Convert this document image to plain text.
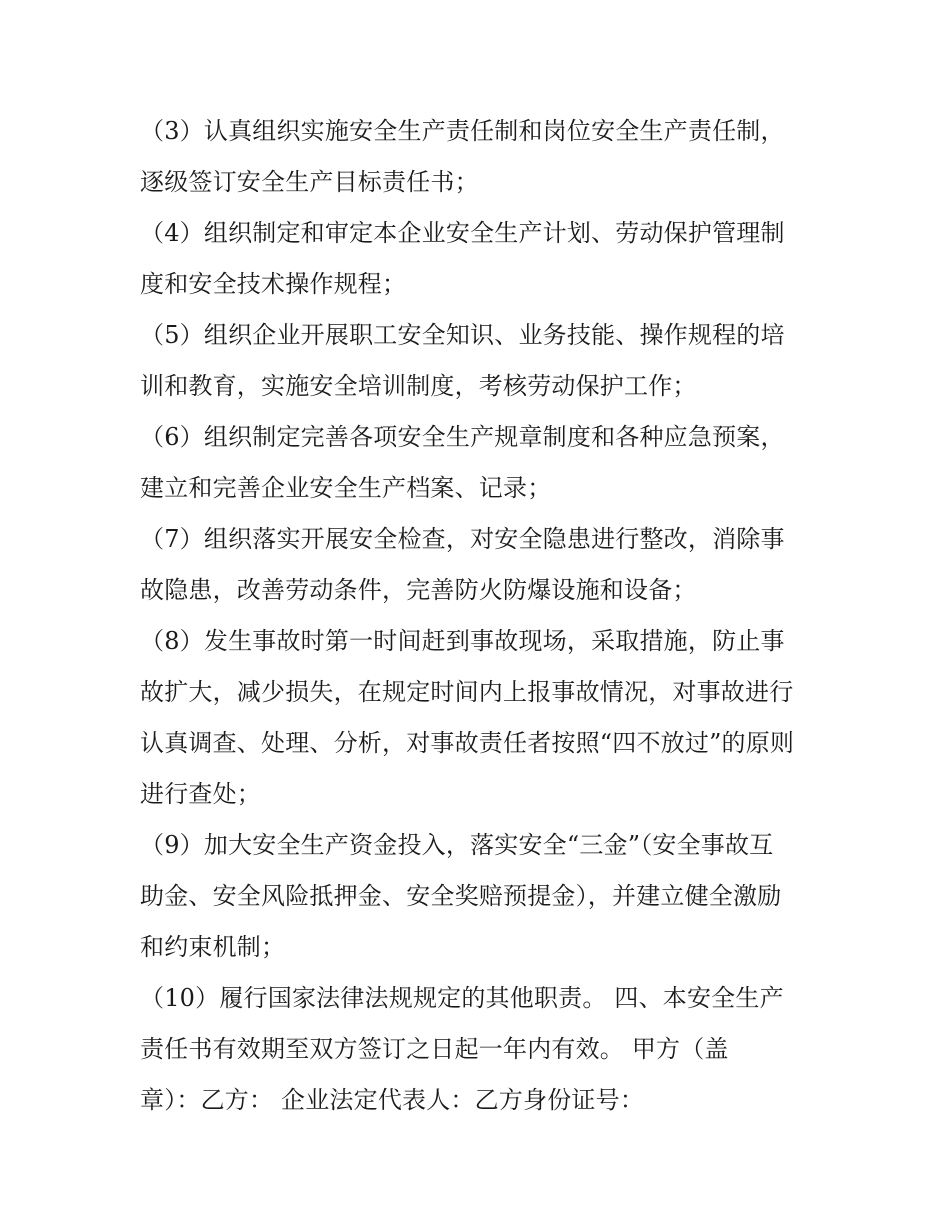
（3）认真组织实施安全生产责任制和岗位安全生产责任制，
逐级签订安全生产目标责任书；
（4）组织制定和审定本企业安全生产计划、劳动保护管理制
度和安全技术操作规程；
（5）组织企业开展职工安全知识、业务技能、操作规程的培
训和教育，实施安全培训制度，考核劳动保护工作；
（6）组织制定完善各项安全生产规章制度和各种应急预案，
建立和完善企业安全生产档案、记录；
（7）组织落实开展安全检查，对安全隐患进行整改，消除事
故隐患，改善劳动条件，完善防火防爆设施和设备；
（8）发生事故时第一时间赶到事故现场，采取措施，防止事
故扩大，减少损失，在规定时间内上报事故情况，对事故进行
认真调查、处理、分析，对事故责任者按照“四不放过”的原则
进行查处；
（9）加大安全生产资金投入，落实安全“三金”（安全事故互
助金、安全风险抵押金、安全奖赔预提金），并建立健全激励
和约束机制；
（10）履行国家法律法规规定的其他职责。 四、本安全生产
责任书有效期至双方签订之日起一年内有效。 甲方（盖
章）：乙方： 企业法定代表人：乙方身份证号：
